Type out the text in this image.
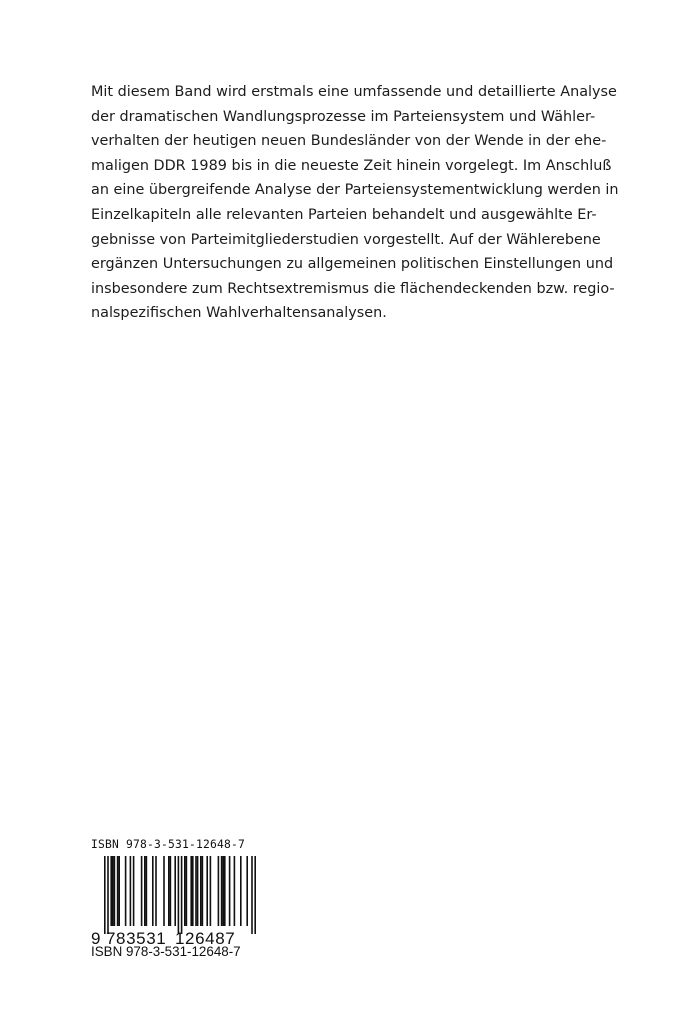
Mit diesem Band wird erstmals eine umfassende und detaillierte Analyse
der dramatischen Wandlungsprozesse im Parteiensystem und Wähler-
verhalten der heutigen neuen Bundesländer von der Wende in der ehe-
maligen DDR 1989 bis in die neueste Zeit hinein vorgelegt. Im Anschluß
an eine übergreifende Analyse der Parteiensystementwicklung werden in
Einzelkapiteln alle relevanten Parteien behandelt und ausgewählte Er-
gebnisse von Parteimitgliederstudien vorgestellt. Auf der Wählerebene
ergänzen Untersuchungen zu allgemeinen politischen Einstellungen und
insbesondere zum Rechtsextremismus die flächendeckenden bzw. regio-
nalspezifischen Wahlverhaltensanalysen.

ISBN 978-3-531-12648-7

9 783531 126487

ISBN 978-3-531-12648-7
